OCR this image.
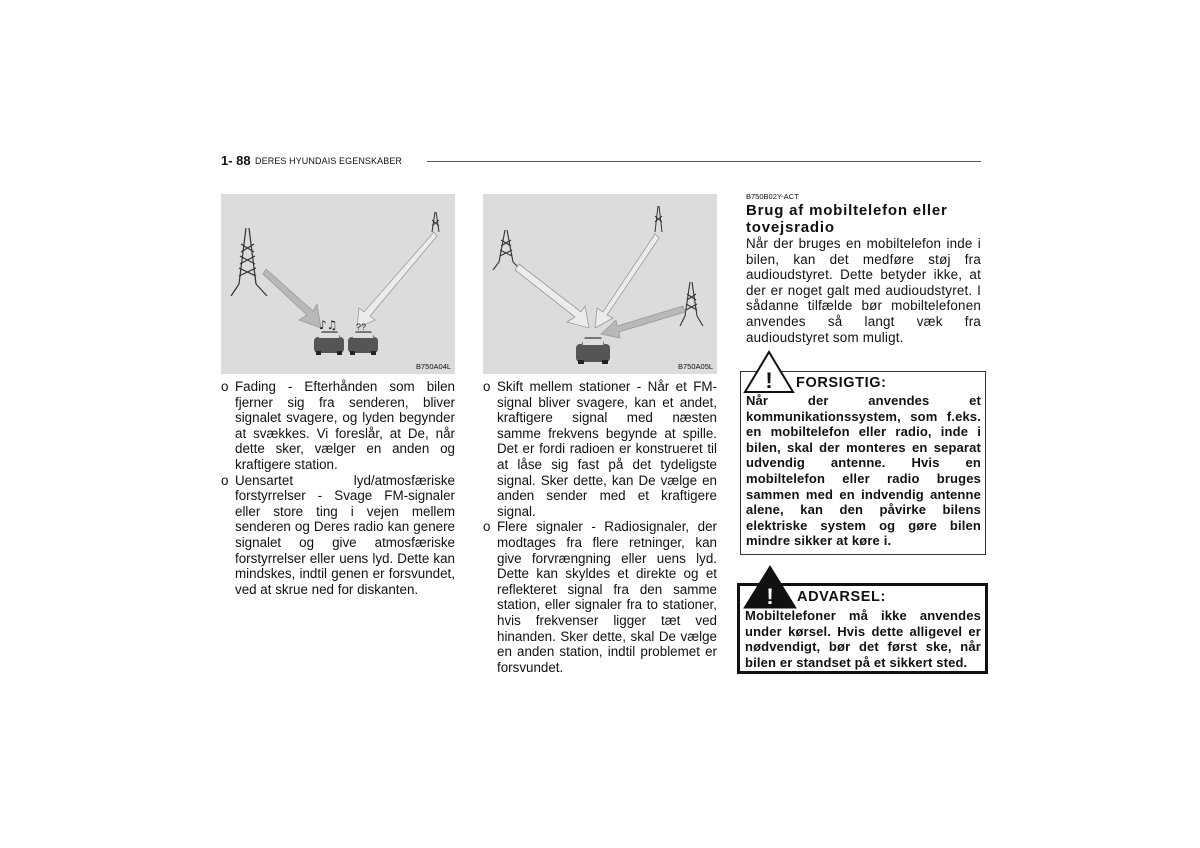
1- 88 DERES HYUNDAIS EGENSKABER
♪♫ ??
B750A04L	B750A05L
o Fading - Efterhånden som bilen fjerner sig fra senderen, bliver signalet svagere, og lyden begynder at svækkes. Vi foreslår, at De, når dette sker, vælger en anden og kraftigere station.
o Uensartet lyd/atmosfæriske forstyrrelser - Svage FM-signaler eller store ting i vejen mellem senderen og Deres radio kan genere signalet og give atmosfæriske forstyrrelser eller uens lyd. Dette kan mindskes, indtil genen er forsvundet, ved at skrue ned for diskanten.
o Skift mellem stationer - Når et FM-signal bliver svagere, kan et andet, kraftigere signal med næsten samme frekvens begynde at spille. Det er fordi radioen er konstrueret til at låse sig fast på det tydeligste signal. Sker dette, kan De vælge en anden sender med et kraftigere signal.
o Flere signaler - Radiosignaler, der modtages fra flere retninger, kan give forvrængning eller uens lyd. Dette kan skyldes et direkte og et reflekteret signal fra den samme station, eller signaler fra to stationer, hvis frekvenser ligger tæt ved hinanden. Sker dette, skal De vælge en anden station, indtil problemet er forsvundet.
B750B02Y-ACT
Brug af mobiltelefon eller tovejsradio

Når der bruges en mobiltelefon inde i bilen, kan det medføre støj fra audioudstyret. Dette betyder ikke, at der er noget galt med audioudstyret. I sådanne tilfælde bør mobiltelefonen anvendes så langt væk fra audioudstyret som muligt.

! FORSIGTIG:
Når der anvendes et kommunikationssystem, som f.eks. en mobiltelefon eller radio, inde i bilen, skal der monteres en separat udvendig antenne. Hvis en mobiltelefon eller radio bruges sammen med en indvendig antenne alene, kan den påvirke bilens elektriske system og gøre bilen mindre sikker at køre i.
! ADVARSEL:
Mobiltelefoner må ikke anvendes under kørsel. Hvis dette alligevel er nødvendigt, bør det først ske, når bilen er standset på et sikkert sted.
